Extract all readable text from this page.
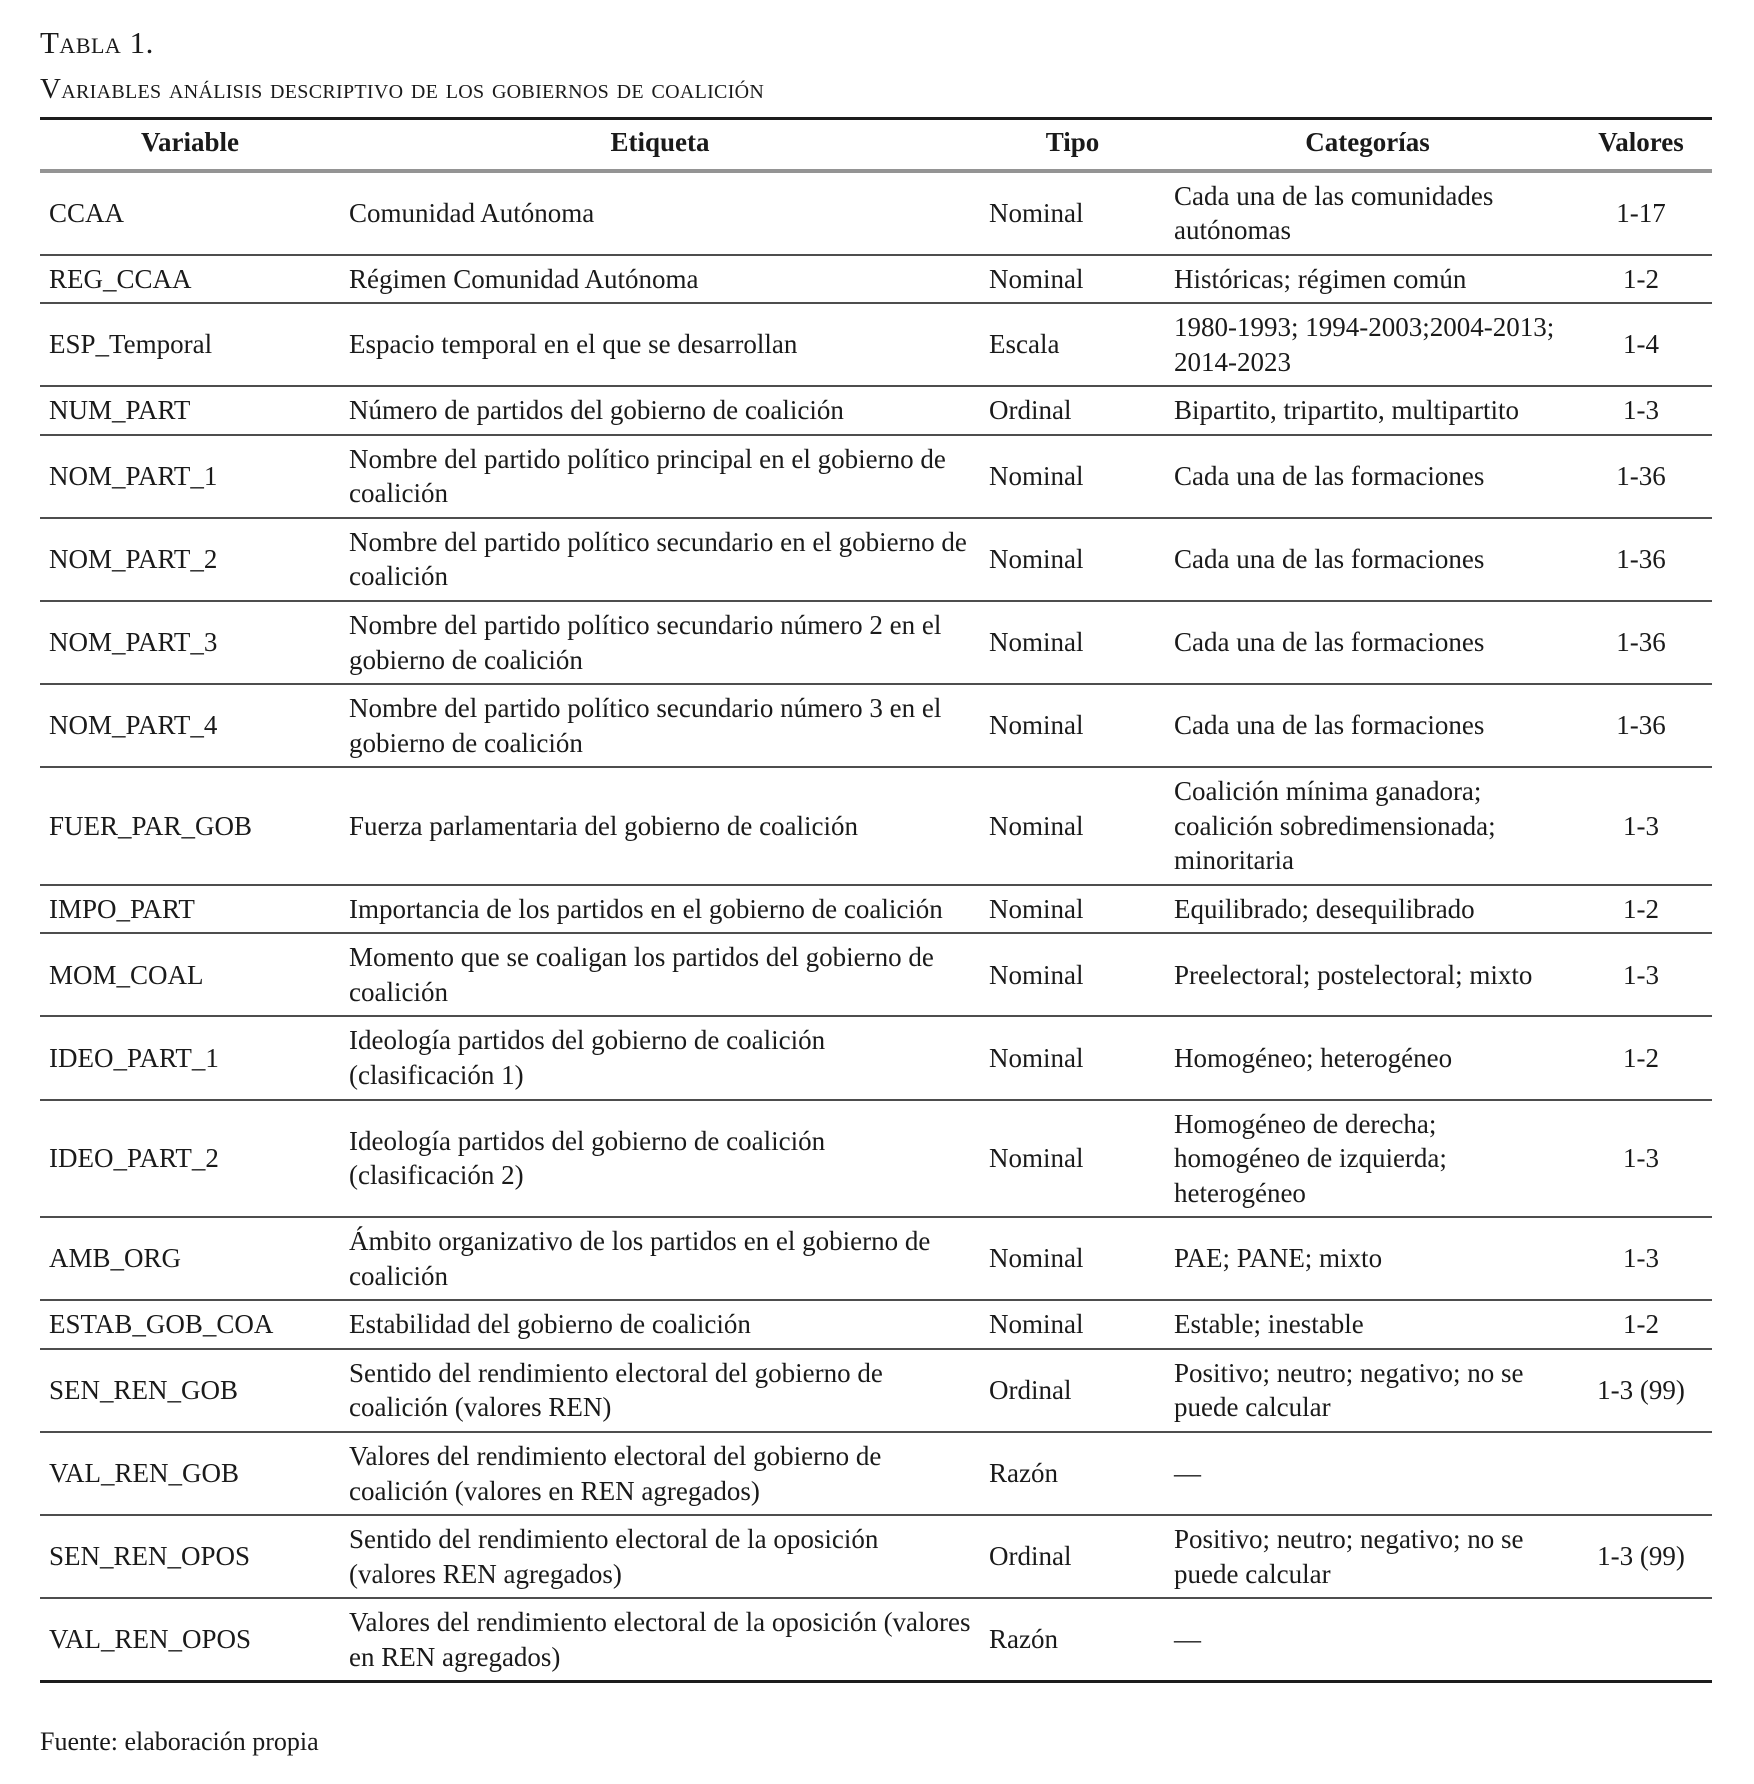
Tabla 1.
Variables análisis descriptivo de los gobiernos de coalición
Variable	Etiqueta	Tipo	Categorías	Valores
CCAA	Comunidad Autónoma	Nominal	Cada una de las comunidades autónomas	1-17
REG_CCAA	Régimen Comunidad Autónoma	Nominal	Históricas; régimen común	1-2
ESP_Temporal	Espacio temporal en el que se desarrollan	Escala	1980-1993; 1994-2003;2004-2013; 2014-2023	1-4
NUM_PART	Número de partidos del gobierno de coalición	Ordinal	Bipartito, tripartito, multipartito	1-3
NOM_PART_1	Nombre del partido político principal en el gobierno de coalición	Nominal	Cada una de las formaciones	1-36
NOM_PART_2	Nombre del partido político secundario en el gobierno de coalición	Nominal	Cada una de las formaciones	1-36
NOM_PART_3	Nombre del partido político secundario número 2 en el gobierno de coalición	Nominal	Cada una de las formaciones	1-36
NOM_PART_4	Nombre del partido político secundario número 3 en el gobierno de coalición	Nominal	Cada una de las formaciones	1-36
FUER_PAR_GOB	Fuerza parlamentaria del gobierno de coalición	Nominal	Coalición mínima ganadora; coalición sobredimensionada; minoritaria	1-3
IMPO_PART	Importancia de los partidos en el gobierno de coalición	Nominal	Equilibrado; desequilibrado	1-2
MOM_COAL	Momento que se coaligan los partidos del gobierno de coalición	Nominal	Preelectoral; postelectoral; mixto	1-3
IDEO_PART_1	Ideología partidos del gobierno de coalición (clasificación 1)	Nominal	Homogéneo; heterogéneo	1-2
IDEO_PART_2	Ideología partidos del gobierno de coalición (clasificación 2)	Nominal	Homogéneo de derecha; homogéneo de izquierda; heterogéneo	1-3
AMB_ORG	Ámbito organizativo de los partidos en el gobierno de coalición	Nominal	PAE; PANE; mixto	1-3
ESTAB_GOB_COA	Estabilidad del gobierno de coalición	Nominal	Estable; inestable	1-2
SEN_REN_GOB	Sentido del rendimiento electoral del gobierno de coalición (valores REN)	Ordinal	Positivo; neutro; negativo; no se puede calcular	1-3 (99)
VAL_REN_GOB	Valores del rendimiento electoral del gobierno de coalición (valores en REN agregados)	Razón	—	
SEN_REN_OPOS	Sentido del rendimiento electoral de la oposición (valores REN agregados)	Ordinal	Positivo; neutro; negativo; no se puede calcular	1-3 (99)
VAL_REN_OPOS	Valores del rendimiento electoral de la oposición (valores en REN agregados)	Razón	—	
Fuente: elaboración propia
